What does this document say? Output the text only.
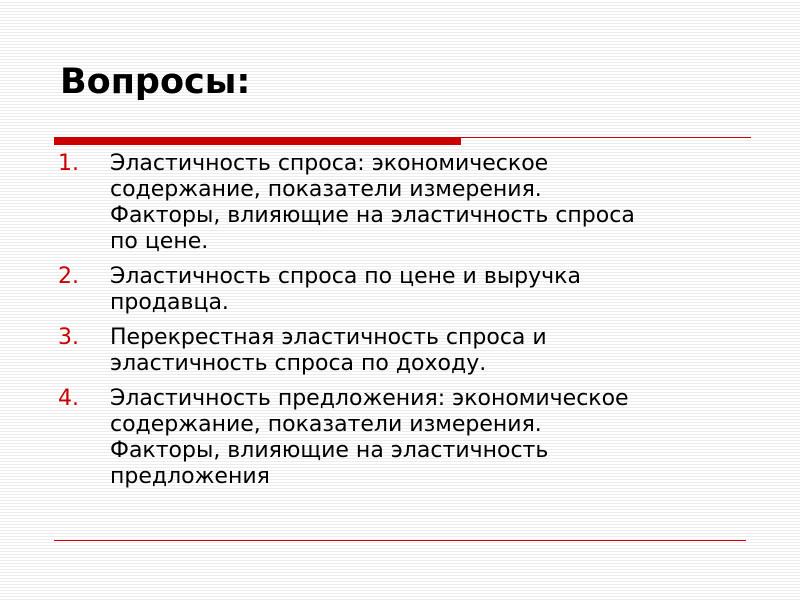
Вопросы:
1. Эластичность спроса: экономическое
содержание, показатели измерения.
Факторы, влияющие на эластичность спроса
по цене.
2. Эластичность спроса по цене и выручка
продавца.
3. Перекрестная эластичность спроса и
эластичность спроса по доходу.
4. Эластичность предложения: экономическое
содержание, показатели измерения.
Факторы, влияющие на эластичность
предложения
